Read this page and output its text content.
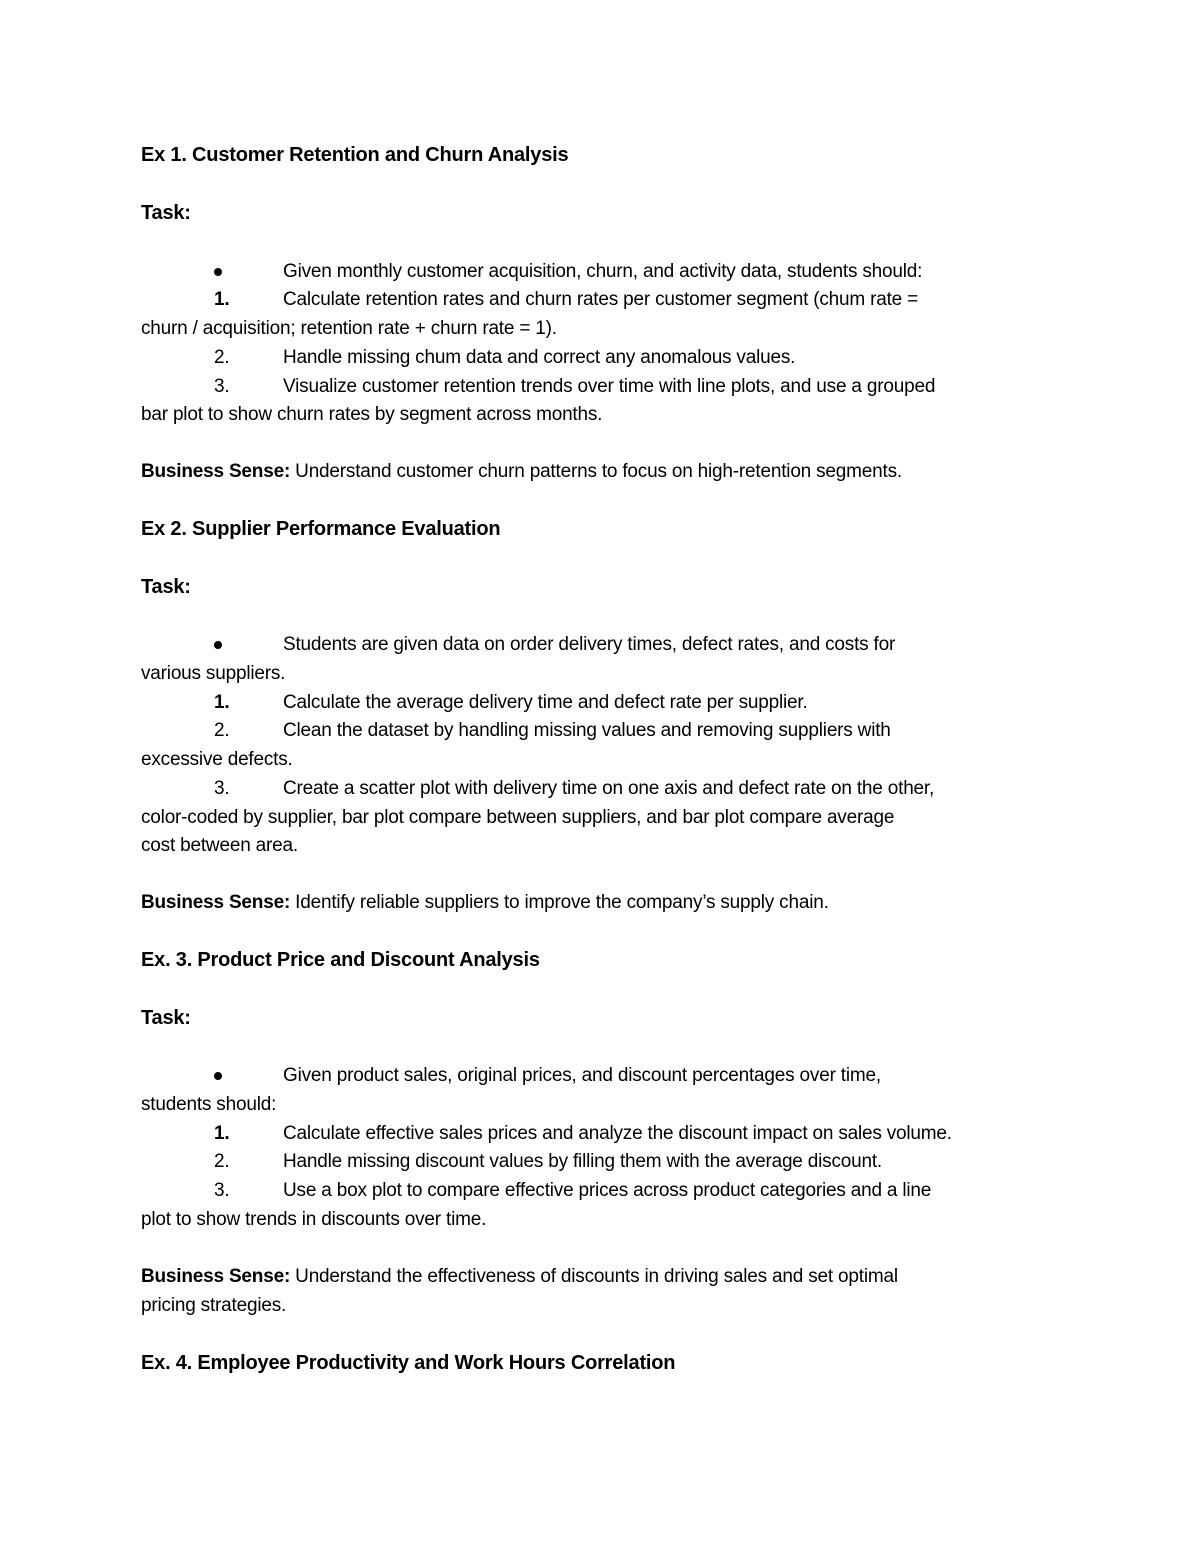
Ex 1. Customer Retention and Churn Analysis
Task:
Given monthly customer acquisition, churn, and activity data, students should:
1.	Calculate retention rates and churn rates per customer segment (chum rate =
churn / acquisition; retention rate + churn rate = 1).
2.	Handle missing chum data and correct any anomalous values.
3.	Visualize customer retention trends over time with line plots, and use a grouped
bar plot to show churn rates by segment across months.
Business Sense: Understand customer churn patterns to focus on high-retention segments.
Ex 2. Supplier Performance Evaluation
Task:
Students are given data on order delivery times, defect rates, and costs for
various suppliers.
1.	Calculate the average delivery time and defect rate per supplier.
2.	Clean the dataset by handling missing values and removing suppliers with
excessive defects.
3.	Create a scatter plot with delivery time on one axis and defect rate on the other,
color-coded by supplier, bar plot compare between suppliers, and bar plot compare average
cost between area.
Business Sense: Identify reliable suppliers to improve the company’s supply chain.
Ex. 3. Product Price and Discount Analysis
Task:
Given product sales, original prices, and discount percentages over time,
students should:
1.	Calculate effective sales prices and analyze the discount impact on sales volume.
2.	Handle missing discount values by filling them with the average discount.
3.	Use a box plot to compare effective prices across product categories and a line
plot to show trends in discounts over time.
Business Sense: Understand the effectiveness of discounts in driving sales and set optimal
pricing strategies.
Ex. 4. Employee Productivity and Work Hours Correlation
